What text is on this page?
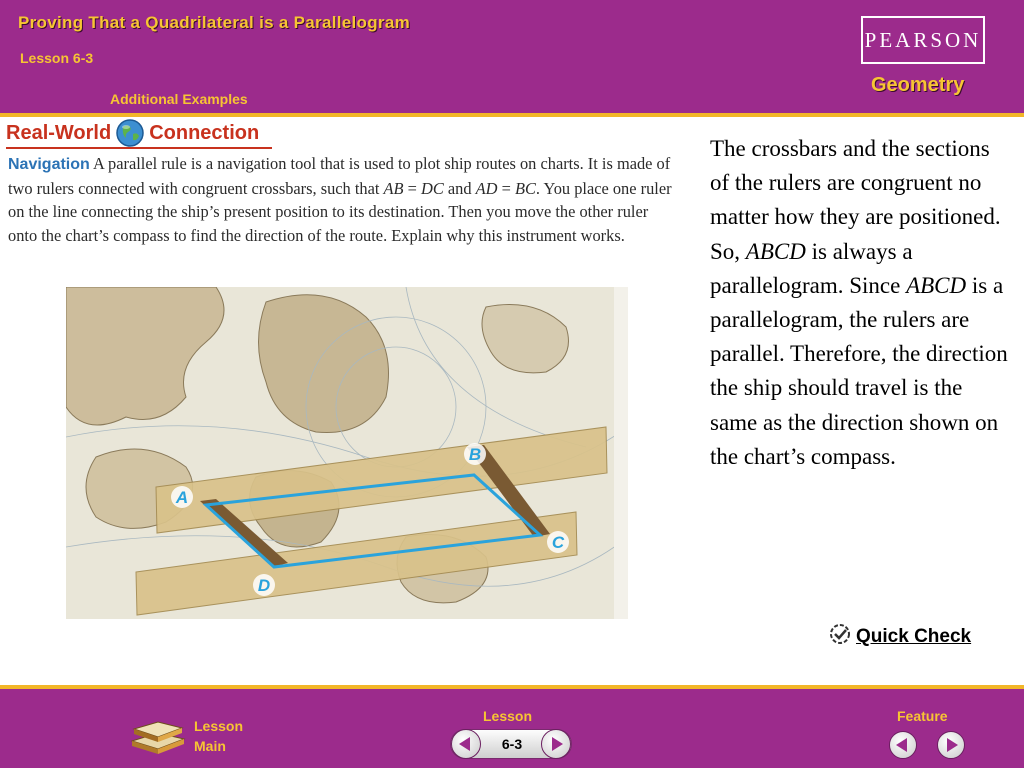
Proving That a Quadrilateral is a Parallelogram
Lesson 6-3
Additional Examples
PEARSON
Geometry
Real-World Connection
Navigation A parallel rule is a navigation tool that is used to plot ship routes on charts. It is made of two rulers connected with congruent crossbars, such that AB = DC and AD = BC. You place one ruler on the line connecting the ship’s present position to its destination. Then you move the other ruler onto the chart’s compass to find the direction of the route. Explain why this instrument works.
A
B
C
D
The crossbars and the sections of the rulers are congruent no matter how they are positioned.
So, ABCD is always a parallelogram. Since ABCD is a parallelogram, the rulers are parallel. Therefore, the direction the ship should travel is the same as the direction shown on the chart’s compass.
Quick Check
Lesson
Main
Lesson
6-3
Feature
